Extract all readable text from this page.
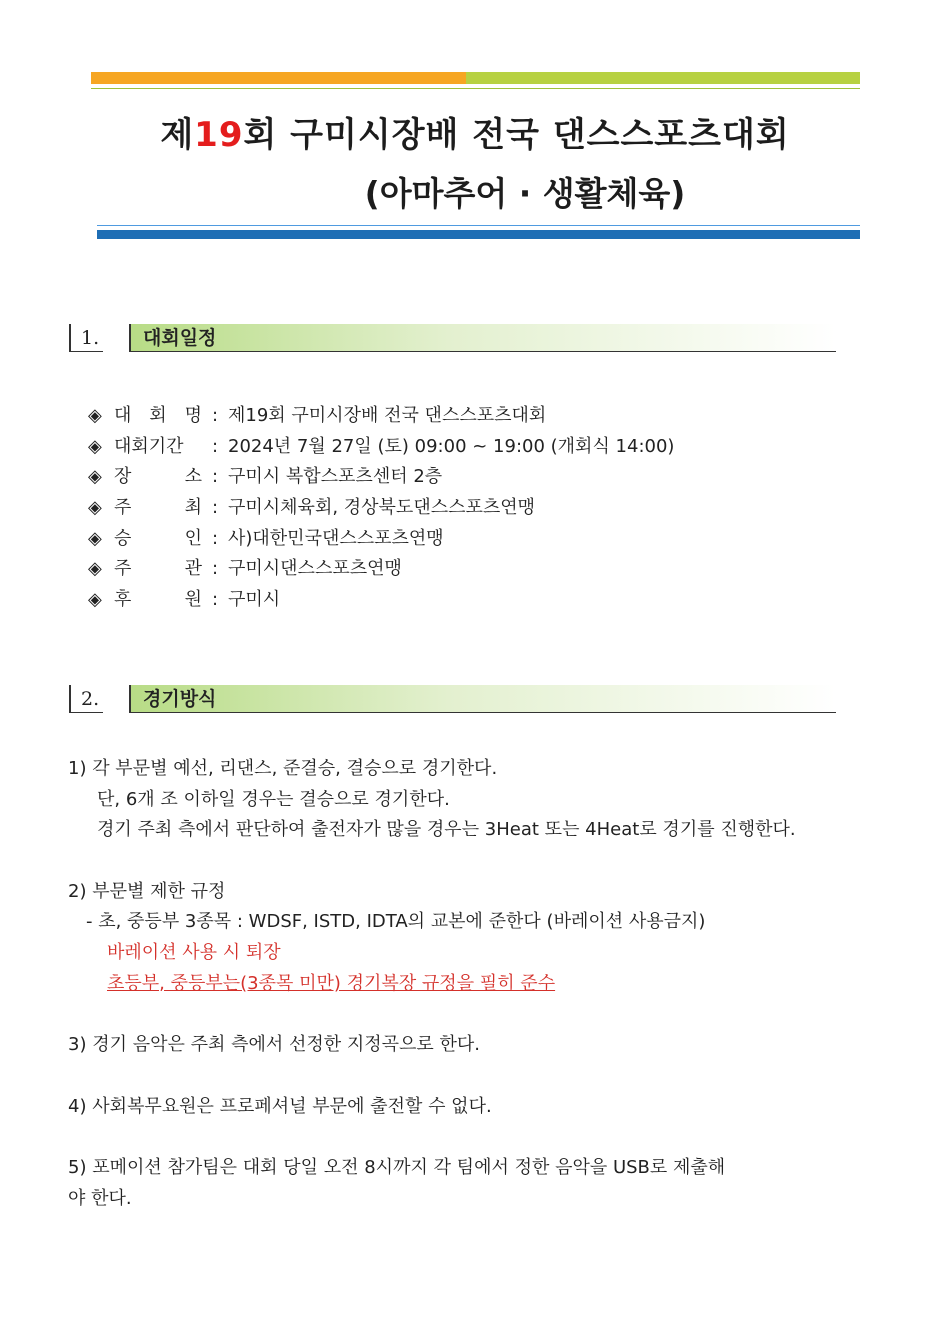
제19회 구미시장배 전국 댄스스포츠대회
(아마추어 · 생활체육)
1.	대회일정
◈ 대 회 명 : 제19회 구미시장배 전국 댄스스포츠대회
◈ 대회기간	: 2024년 7월 27일 (토) 09:00 ~ 19:00 (개회식 14:00)
◈ 장	소 : 구미시 복합스포츠센터 2층
◈ 주	최 : 구미시체육회, 경상북도댄스스포츠연맹
◈ 승	인 : 사)대한민국댄스스포츠연맹
◈ 주	관 : 구미시댄스스포츠연맹
◈ 후	원 : 구미시
2.	경기방식
1) 각 부문별 예선, 리댄스, 준결승, 결승으로 경기한다.
단, 6개 조 이하일 경우는 결승으로 경기한다.
경기 주최 측에서 판단하여 출전자가 많을 경우는 3Heat 또는 4Heat로 경기를 진행한다.
2) 부문별 제한 규정
- 초, 중등부 3종목 : WDSF, ISTD, IDTA의 교본에 준한다 (바레이션 사용금지)
바레이션 사용 시 퇴장
초등부, 중등부는(3종목 미만) 경기복장 규정을 필히 준수
3) 경기 음악은 주최 측에서 선정한 지정곡으로 한다.
4) 사회복무요원은 프로페셔널 부문에 출전할 수 없다.
5) 포메이션 참가팀은 대회 당일 오전 8시까지 각 팀에서 정한 음악을 USB로 제출해
야 한다.
